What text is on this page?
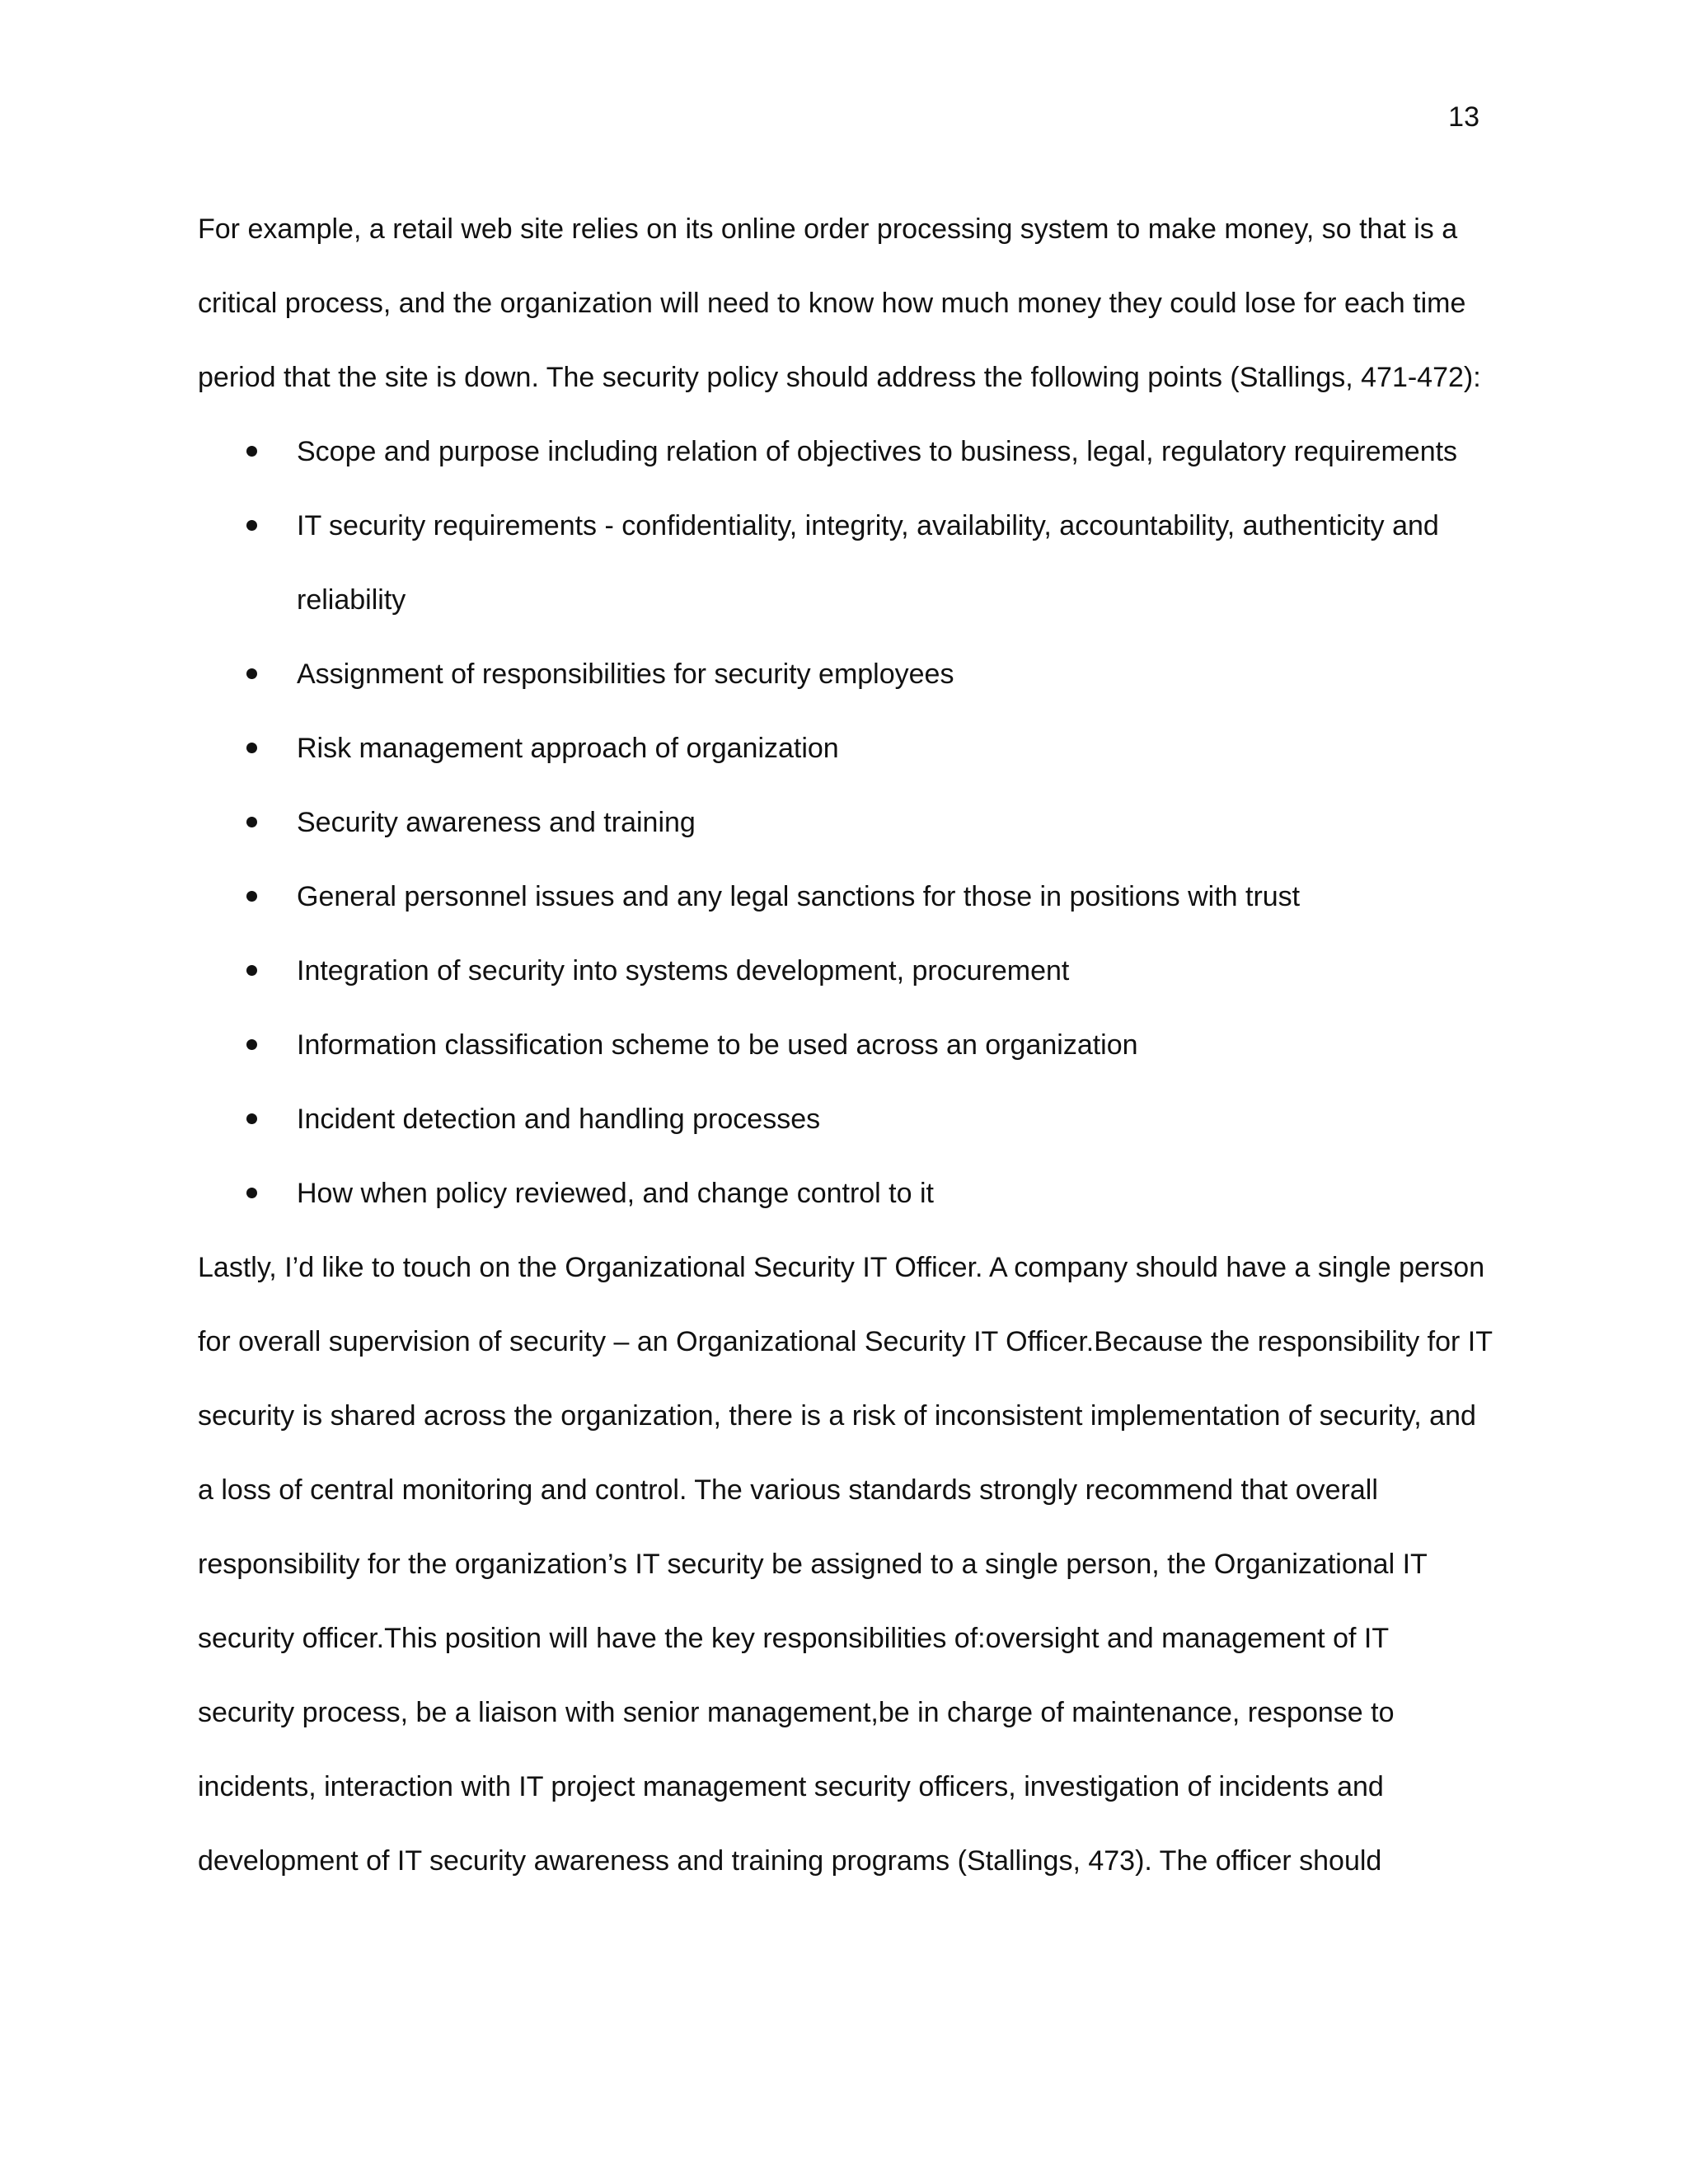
13

For example, a retail web site relies on its online order processing system to make money, so that is a
critical process, and the organization will need to know how much money they could lose for each time
period that the site is down. The security policy should address the following points (Stallings, 471-472):

Scope and purpose including relation of objectives to business, legal, regulatory requirements
IT security requirements - confidentiality, integrity, availability, accountability, authenticity and
reliability
Assignment of responsibilities for security employees
Risk management approach of organization
Security awareness and training
General personnel issues and any legal sanctions for those in positions with trust
Integration of security into systems development, procurement
Information classification scheme to be used across an organization
Incident detection and handling processes
How when policy reviewed, and change control to it

Lastly, I’d like to touch on the Organizational Security IT Officer. A company should have a single person
for overall supervision of security – an Organizational Security IT Officer.Because the responsibility for IT
security is shared across the organization, there is a risk of inconsistent implementation of security, and
a loss of central monitoring and control. The various standards strongly recommend that overall
responsibility for the organization’s IT security be assigned to a single person, the Organizational IT
security officer.This position will have the key responsibilities of:oversight and management of IT
security process, be a liaison with senior management,be in charge of maintenance, response to
incidents, interaction with IT project management security officers, investigation of incidents and
development of IT security awareness and training programs (Stallings, 473). The officer should
